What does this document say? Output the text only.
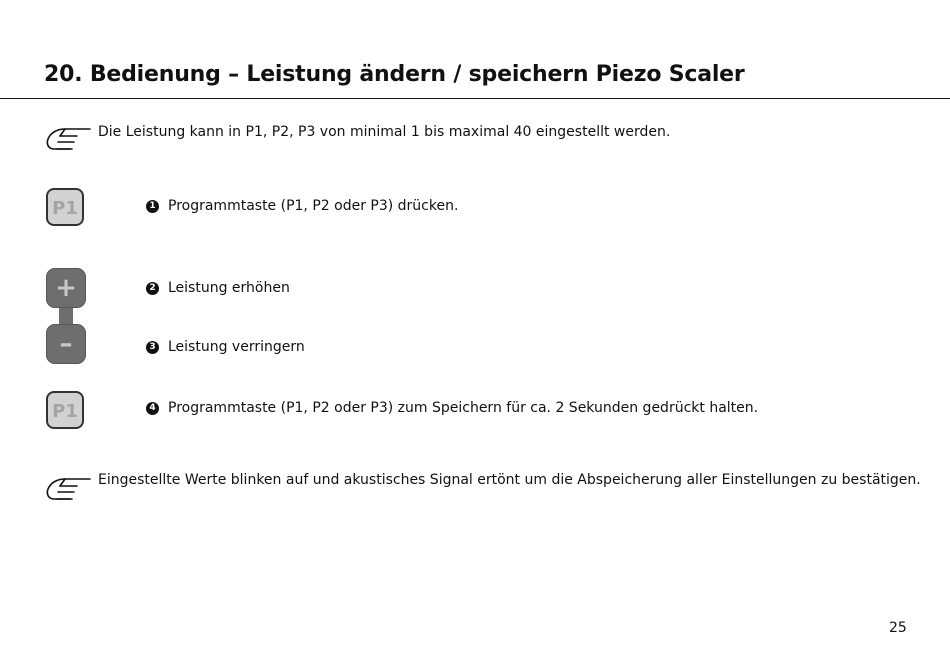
20. Bedienung – Leistung ändern / speichern Piezo Scaler
Die Leistung kann in P1, P2, P3 von minimal 1 bis maximal 40 eingestellt werden.
P1	1 Programmtaste (P1, P2 oder P3) drücken.
+
–
2 Leistung erhöhen
3 Leistung verringern
P1	4 Programmtaste (P1, P2 oder P3) zum Speichern für ca. 2 Sekunden gedrückt halten.
Eingestellte Werte blinken auf und akustisches Signal ertönt um die Abspeicherung aller Einstellungen zu bestätigen.
25
